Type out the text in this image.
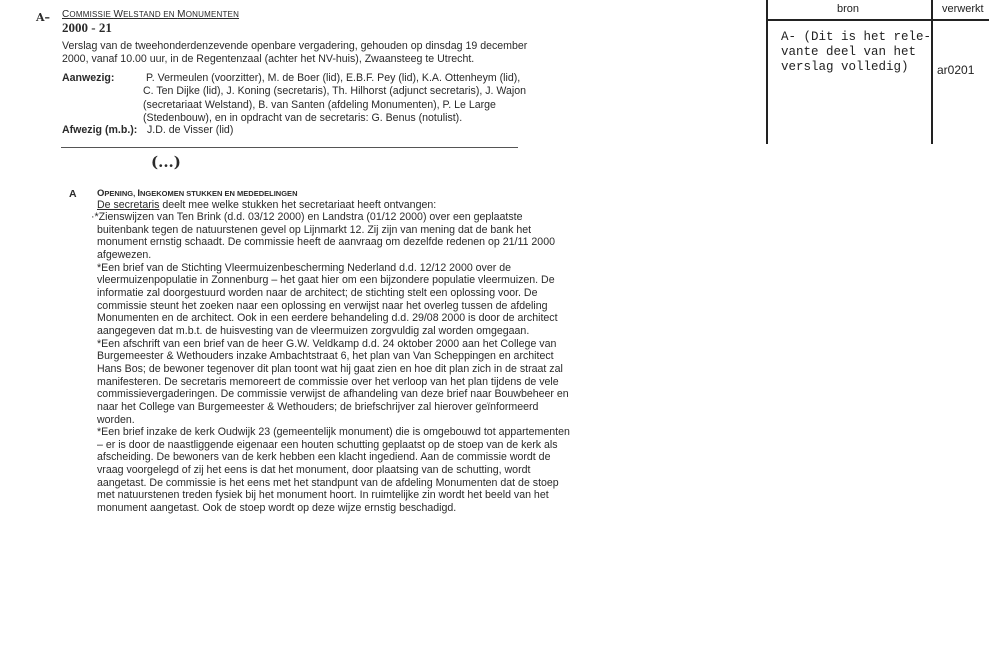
A– COMMISSIE WELSTAND EN MONUMENTEN
2000 - 21
Verslag van de tweehonderdenzevende openbare vergadering, gehouden op dinsdag 19 december
2000, vanaf 10.00 uur, in de Regentenzaal (achter het NV-huis), Zwaansteeg te Utrecht.
Aanwezig:	P. Vermeulen (voorzitter), M. de Boer (lid), E.B.F. Pey (lid), K.A. Ottenheym (lid),
C. Ten Dijke (lid), J. Koning (secretaris), Th. Hilhorst (adjunct secretaris), J. Wajon
(secretariaat Welstand), B. van Santen (afdeling Monumenten), P. Le Large
(Stedenbouw), en in opdracht van de secretaris: G. Benus (notulist).
Afwezig (m.b.): J.D. de Visser (lid)
(...)
A OPENING, INGEKOMEN STUKKEN EN MEDEDELINGEN
De secretaris deelt mee welke stukken het secretariaat heeft ontvangen:
·*Zienswijzen van Ten Brink (d.d. 03/12 2000) en Landstra (01/12 2000) over een geplaatste
buitenbank tegen de natuurstenen gevel op Lijnmarkt 12. Zij zijn van mening dat de bank het
monument ernstig schaadt. De commissie heeft de aanvraag om dezelfde redenen op 21/11 2000
afgewezen.
*Een brief van de Stichting Vleermuizenbescherming Nederland d.d. 12/12 2000 over de
vleermuizenpopulatie in Zonnenburg – het gaat hier om een bijzondere populatie vleermuizen. De
informatie zal doorgestuurd worden naar de architect; de stichting stelt een oplossing voor. De
commissie steunt het zoeken naar een oplossing en verwijst naar het overleg tussen de afdeling
Monumenten en de architect. Ook in een eerdere behandeling d.d. 29/08 2000 is door de architect
aangegeven dat m.b.t. de huisvesting van de vleermuizen zorgvuldig zal worden omgegaan.
*Een afschrift van een brief van de heer G.W. Veldkamp d.d. 24 oktober 2000 aan het College van
Burgemeester & Wethouders inzake Ambachtstraat 6, het plan van Van Scheppingen en architect
Hans Bos; de bewoner tegenover dit plan toont wat hij gaat zien en hoe dit plan zich in de straat zal
manifesteren. De secretaris memoreert de commissie over het verloop van het plan tijdens de vele
commissievergaderingen. De commissie verwijst de afhandeling van deze brief naar Bouwbeheer en
naar het College van Burgemeester & Wethouders; de briefschrijver zal hierover geïnformeerd
worden.
*Een brief inzake de kerk Oudwijk 23 (gemeentelijk monument) die is omgebouwd tot appartementen
– er is door de naastliggende eigenaar een houten schutting geplaatst op de stoep van de kerk als
afscheiding. De bewoners van de kerk hebben een klacht ingediend. Aan de commissie wordt de
vraag voorgelegd of zij het eens is dat het monument, door plaatsing van de schutting, wordt
aangetast. De commissie is het eens met het standpunt van de afdeling Monumenten dat de stoep
met natuurstenen treden fysiek bij het monument hoort. In ruimtelijke zin wordt het beeld van het
monument aangetast. Ook de stoep wordt op deze wijze ernstig beschadigd.
bron	verwerkt
A- (Dit is het rele-
vante deel van het
verslag volledig)	ar0201
